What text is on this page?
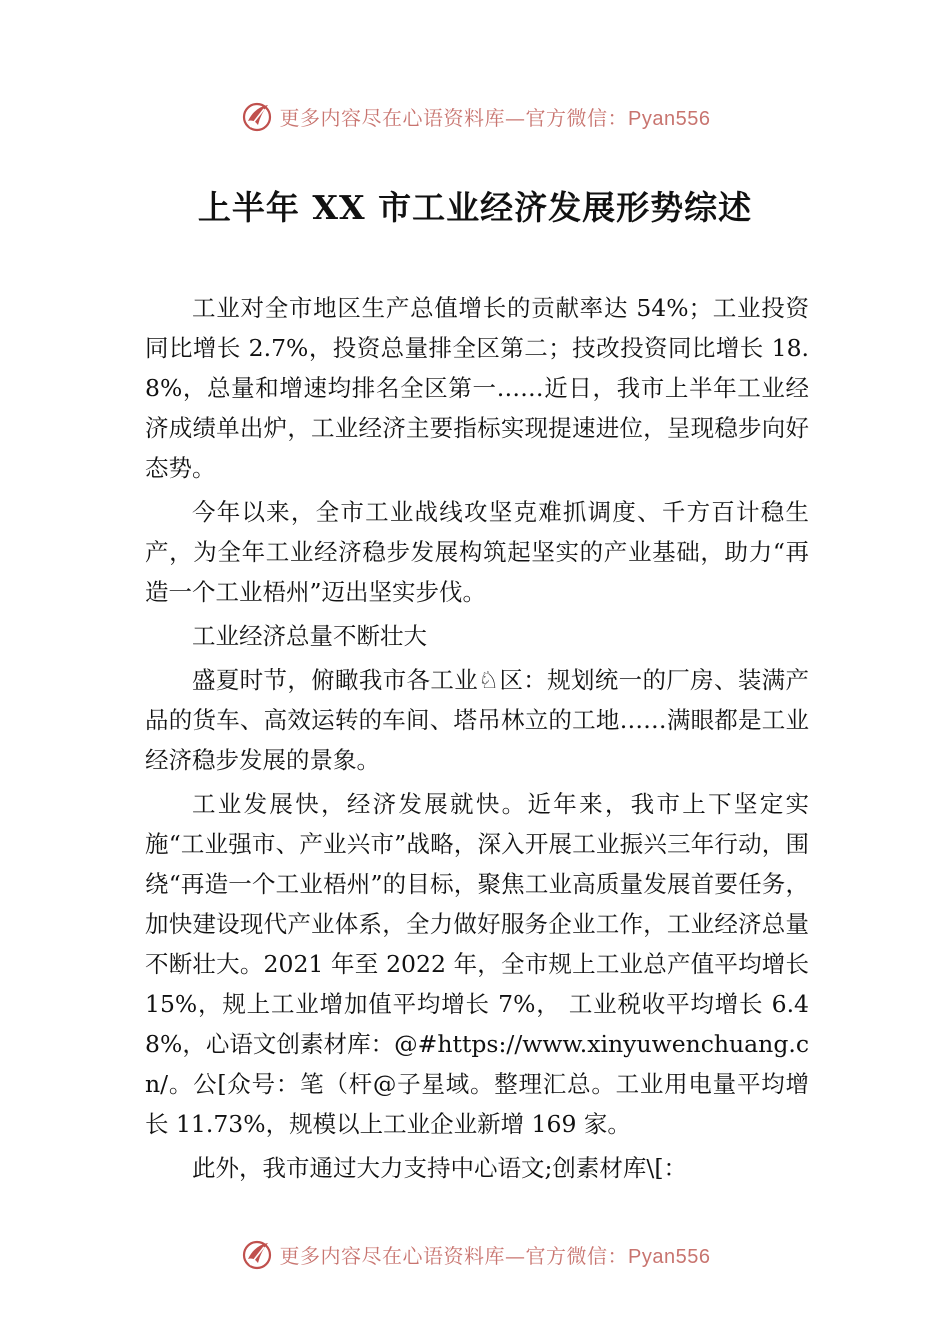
更多内容尽在心语资料库—官方微信：Pyan556
上半年 XX 市工业经济发展形势综述

工业对全市地区生产总值增长的贡献率达 54%；工业投资同比增长 2.7%，投资总量排全区第二；技改投资同比增长 18.8%，总量和增速均排名全区第一……近日，我市上半年工业经济成绩单出炉，工业经济主要指标实现提速进位，呈现稳步向好态势。

今年以来，全市工业战线攻坚克难抓调度、千方百计稳生产，为全年工业经济稳步发展构筑起坚实的产业基础，助力“再造一个工业梧州”迈出坚实步伐。

工业经济总量不断壮大

盛夏时节，俯瞰我市各工业♘区：规划统一的厂房、装满产品的货车、高效运转的车间、塔吊林立的工地……满眼都是工业经济稳步发展的景象。

工业发展快，经济发展就快。近年来，我市上下坚定实施“工业强市、产业兴市”战略，深入开展工业振兴三年行动，围绕“再造一个工业梧州”的目标，聚焦工业高质量发展首要任务，加快建设现代产业体系，全力做好服务企业工作，工业经济总量不断壮大。2021 年至 2022 年，全市规上工业总产值平均增长 15%，规上工业增加值平均增长 7%， 工业税收平均增长 6.48%，心语文创素材库：@#https://www.xinyuwenchuang.cn/。公[众号：笔（杆@子星域。整理汇总。工业用电量平均增长 11.73%，规模以上工业企业新增 169 家。

此外，我市通过大力支持中心语文;创素材库\[：

更多内容尽在心语资料库—官方微信：Pyan556
